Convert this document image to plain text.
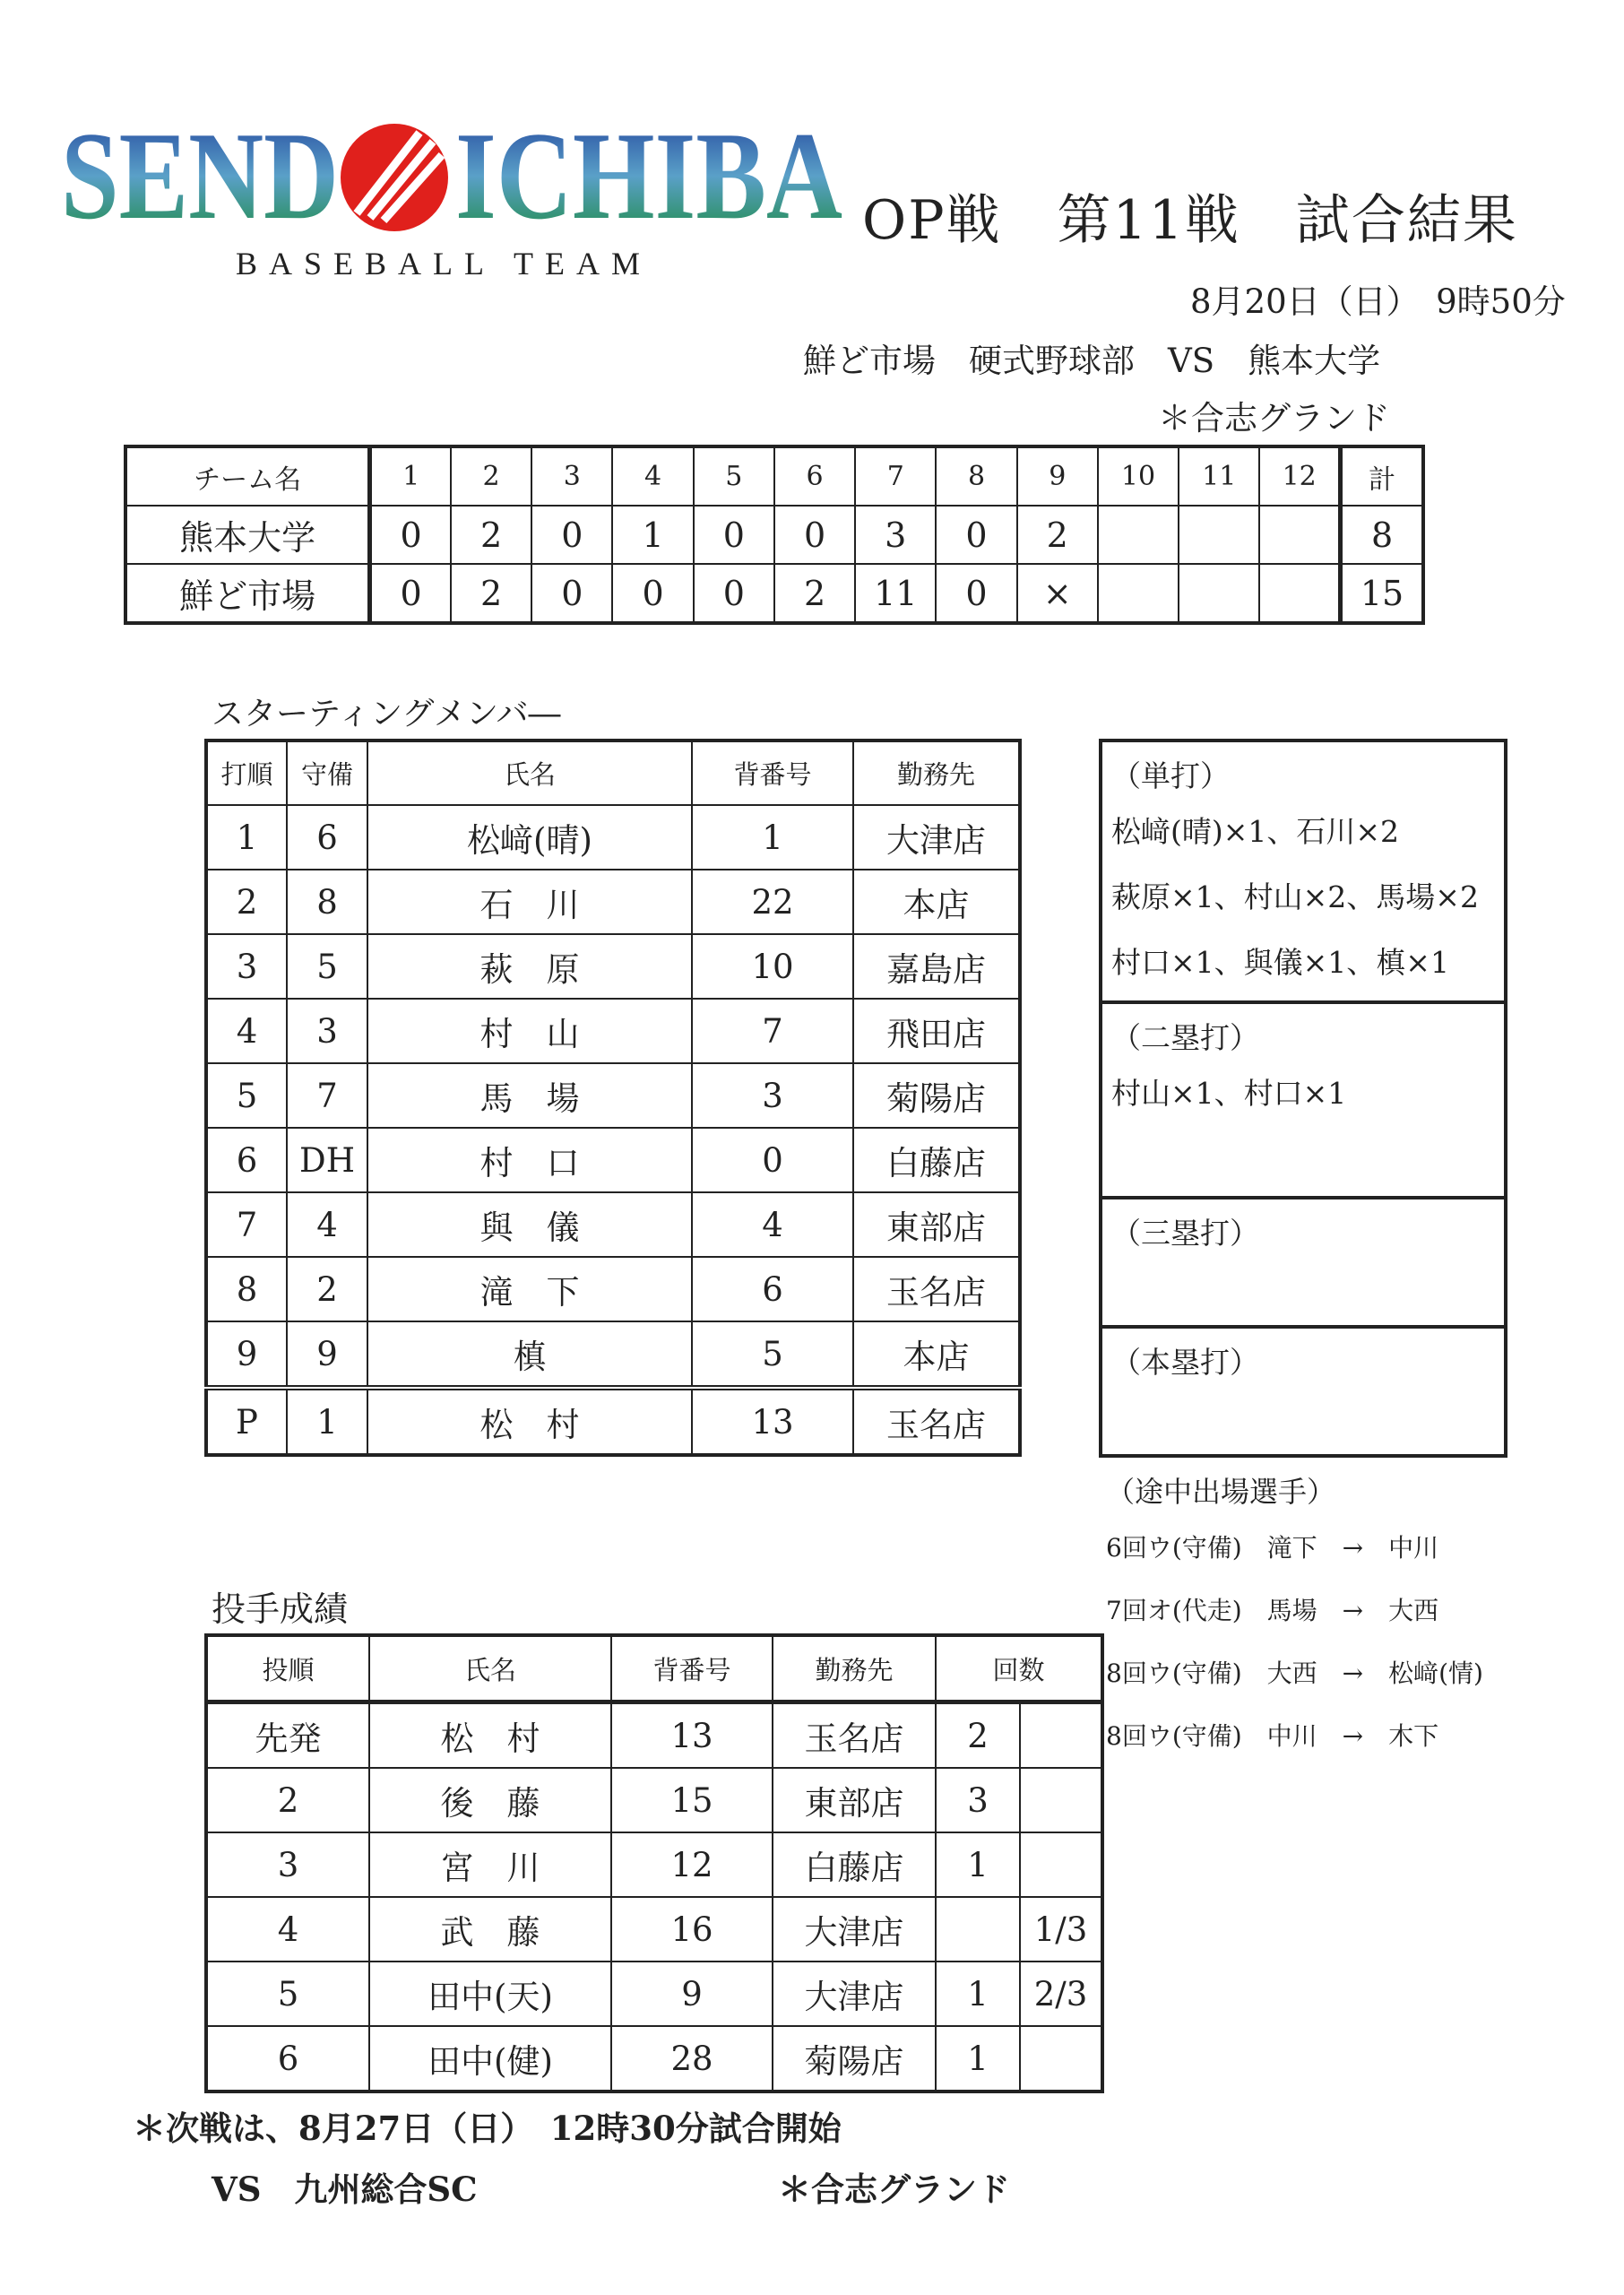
SEND ICHIBA
BASEBALL TEAM
OP戦　第11戦　試合結果
8月20日（日）　9時50分
鮮ど市場　硬式野球部　VS　熊本大学
＊合志グランド
チーム名	1	2	3	4	5	6	7	8	9	10	11	12	計
熊本大学	0	2	0	1	0	0	3	0	2				8
鮮ど市場	0	2	0	0	0	2	11	0	×				15
スターティングメンバ―
打順	守備	氏名	背番号	勤務先
1	6	松﨑(晴)	1	大津店
2	8	石　川	22	本店
3	5	萩　原	10	嘉島店
4	3	村　山	7	飛田店
5	7	馬　場	3	菊陽店
6	DH	村　口	0	白藤店
7	4	與　儀	4	東部店
8	2	滝　下	6	玉名店
9	9	槙	5	本店
P	1	松　村	13	玉名店
（単打）

松﨑(晴)×1、石川×2

萩原×1、村山×2、馬場×2

村口×1、與儀×1、槙×1

（二塁打）

村山×1、村口×1

（三塁打）
（本塁打）
（途中出場選手）
6回ウ(守備)　滝下　→　中川
7回オ(代走)　馬場　→　大西
8回ウ(守備)　大西　→　松﨑(情)
8回ウ(守備)　中川　→　木下
投手成績
投順	氏名	背番号	勤務先	回数	
先発	松　村	13	玉名店	2	
2	後　藤	15	東部店	3	
3	宮　川	12	白藤店	1	
4	武　藤	16	大津店		1/3
5	田中(天)	9	大津店	1	2/3
6	田中(健)	28	菊陽店	1	
＊次戦は、8月27日（日）　12時30分試合開始
VS　九州総合SC	＊合志グランド
